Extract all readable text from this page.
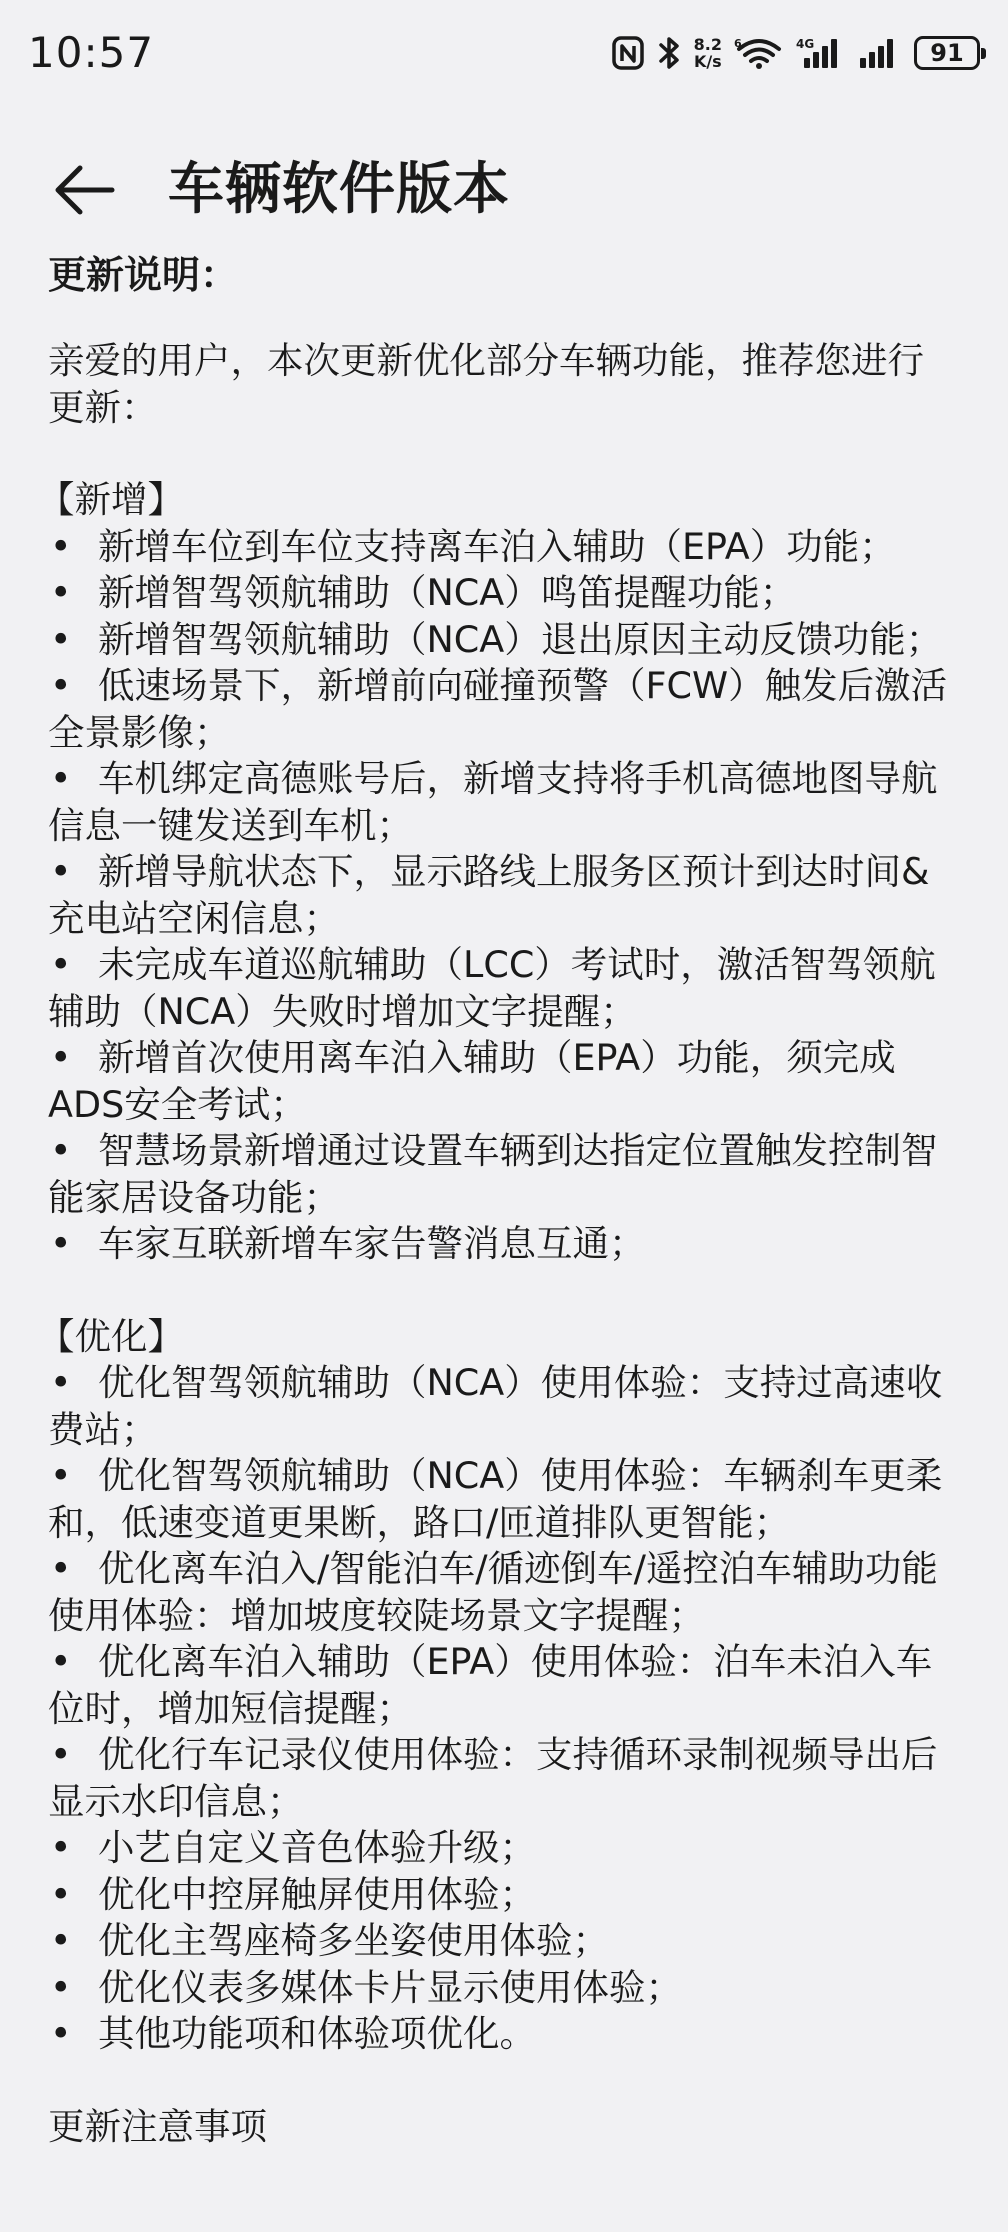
10:57	8.2
K/s
6	4G	91
车辆软件版本
更新说明：

亲爱的用户，本次更新优化部分车辆功能，推荐您进行更新：

【新增】
• 新增车位到车位支持离车泊入辅助（EPA）功能；
• 新增智驾领航辅助（NCA）鸣笛提醒功能；
• 新增智驾领航辅助（NCA）退出原因主动反馈功能；
• 低速场景下，新增前向碰撞预警（FCW）触发后激活全景影像；
• 车机绑定高德账号后，新增支持将手机高德地图导航信息一键发送到车机；
• 新增导航状态下，显示路线上服务区预计到达时间&充电站空闲信息；
• 未完成车道巡航辅助（LCC）考试时，激活智驾领航辅助（NCA）失败时增加文字提醒；
• 新增首次使用离车泊入辅助（EPA）功能，须完成ADS安全考试；
• 智慧场景新增通过设置车辆到达指定位置触发控制智能家居设备功能；
• 车家互联新增车家告警消息互通；
【优化】
• 优化智驾领航辅助（NCA）使用体验：支持过高速收费站；
• 优化智驾领航辅助（NCA）使用体验：车辆刹车更柔和，低速变道更果断，路口/匝道排队更智能；
• 优化离车泊入/智能泊车/循迹倒车/遥控泊车辅助功能使用体验：增加坡度较陡场景文字提醒；
• 优化离车泊入辅助（EPA）使用体验：泊车未泊入车位时，增加短信提醒；
• 优化行车记录仪使用体验：支持循环录制视频导出后显示水印信息；
• 小艺自定义音色体验升级；
• 优化中控屏触屏使用体验；
• 优化主驾座椅多坐姿使用体验；
• 优化仪表多媒体卡片显示使用体验；
• 其他功能项和体验项优化。
更新注意事项
